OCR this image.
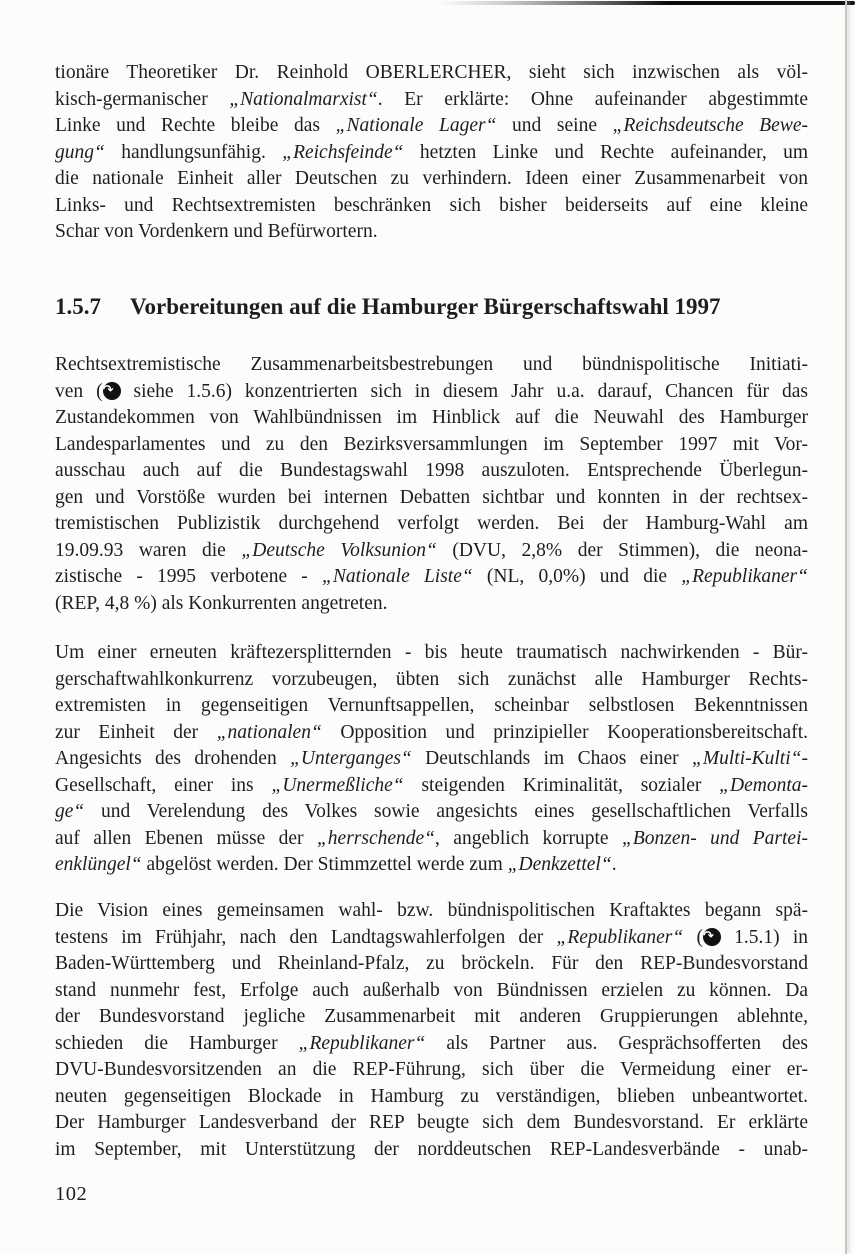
tionäre Theoretiker Dr. Reinhold OBERLERCHER, sieht sich inzwischen als völ-
kisch-germanischer „Nationalmarxist“. Er erklärte: Ohne aufeinander abgestimmte
Linke und Rechte bleibe das „Nationale Lager“ und seine „Reichsdeutsche Bewe-
gung“ handlungsunfähig. „Reichsfeinde“ hetzten Linke und Rechte aufeinander, um
die nationale Einheit aller Deutschen zu verhindern. Ideen einer Zusammenarbeit von
Links- und Rechtsextremisten beschränken sich bisher beiderseits auf eine kleine
Schar von Vordenkern und Befürwortern.
1.5.7 Vorbereitungen auf die Hamburger Bürgerschaftswahl 1997
Rechtsextremistische Zusammenarbeitsbestrebungen und bündnispolitische Initiati-
ven (↷ siehe 1.5.6) konzentrierten sich in diesem Jahr u.a. darauf, Chancen für das
Zustandekommen von Wahlbündnissen im Hinblick auf die Neuwahl des Hamburger
Landesparlamentes und zu den Bezirksversammlungen im September 1997 mit Vor-
ausschau auch auf die Bundestagswahl 1998 auszuloten. Entsprechende Überlegun-
gen und Vorstöße wurden bei internen Debatten sichtbar und konnten in der rechtsex-
tremistischen Publizistik durchgehend verfolgt werden. Bei der Hamburg-Wahl am
19.09.93 waren die „Deutsche Volksunion“ (DVU, 2,8% der Stimmen), die neona-
zistische - 1995 verbotene - „Nationale Liste“ (NL, 0,0%) und die „Republikaner“
(REP, 4,8 %) als Konkurrenten angetreten.
Um einer erneuten kräftezersplitternden - bis heute traumatisch nachwirkenden - Bür-
gerschaftwahlkonkurrenz vorzubeugen, übten sich zunächst alle Hamburger Rechts-
extremisten in gegenseitigen Vernunftsappellen, scheinbar selbstlosen Bekenntnissen
zur Einheit der „nationalen“ Opposition und prinzipieller Kooperationsbereitschaft.
Angesichts des drohenden „Unterganges“ Deutschlands im Chaos einer „Multi-Kulti“-
Gesellschaft, einer ins „Unermeßliche“ steigenden Kriminalität, sozialer „Demonta-
ge“ und Verelendung des Volkes sowie angesichts eines gesellschaftlichen Verfalls
auf allen Ebenen müsse der „herrschende“, angeblich korrupte „Bonzen- und Partei-
enklüngel“ abgelöst werden. Der Stimmzettel werde zum „Denkzettel“.
Die Vision eines gemeinsamen wahl- bzw. bündnispolitischen Kraftaktes begann spä-
testens im Frühjahr, nach den Landtagswahlerfolgen der „Republikaner“ (↷ 1.5.1) in
Baden-Württemberg und Rheinland-Pfalz, zu bröckeln. Für den REP-Bundesvorstand
stand nunmehr fest, Erfolge auch außerhalb von Bündnissen erzielen zu können. Da
der Bundesvorstand jegliche Zusammenarbeit mit anderen Gruppierungen ablehnte,
schieden die Hamburger „Republikaner“ als Partner aus. Gesprächsofferten des
DVU-Bundesvorsitzenden an die REP-Führung, sich über die Vermeidung einer er-
neuten gegenseitigen Blockade in Hamburg zu verständigen, blieben unbeantwortet.
Der Hamburger Landesverband der REP beugte sich dem Bundesvorstand. Er erklärte
im September, mit Unterstützung der norddeutschen REP-Landesverbände - unab-
102
